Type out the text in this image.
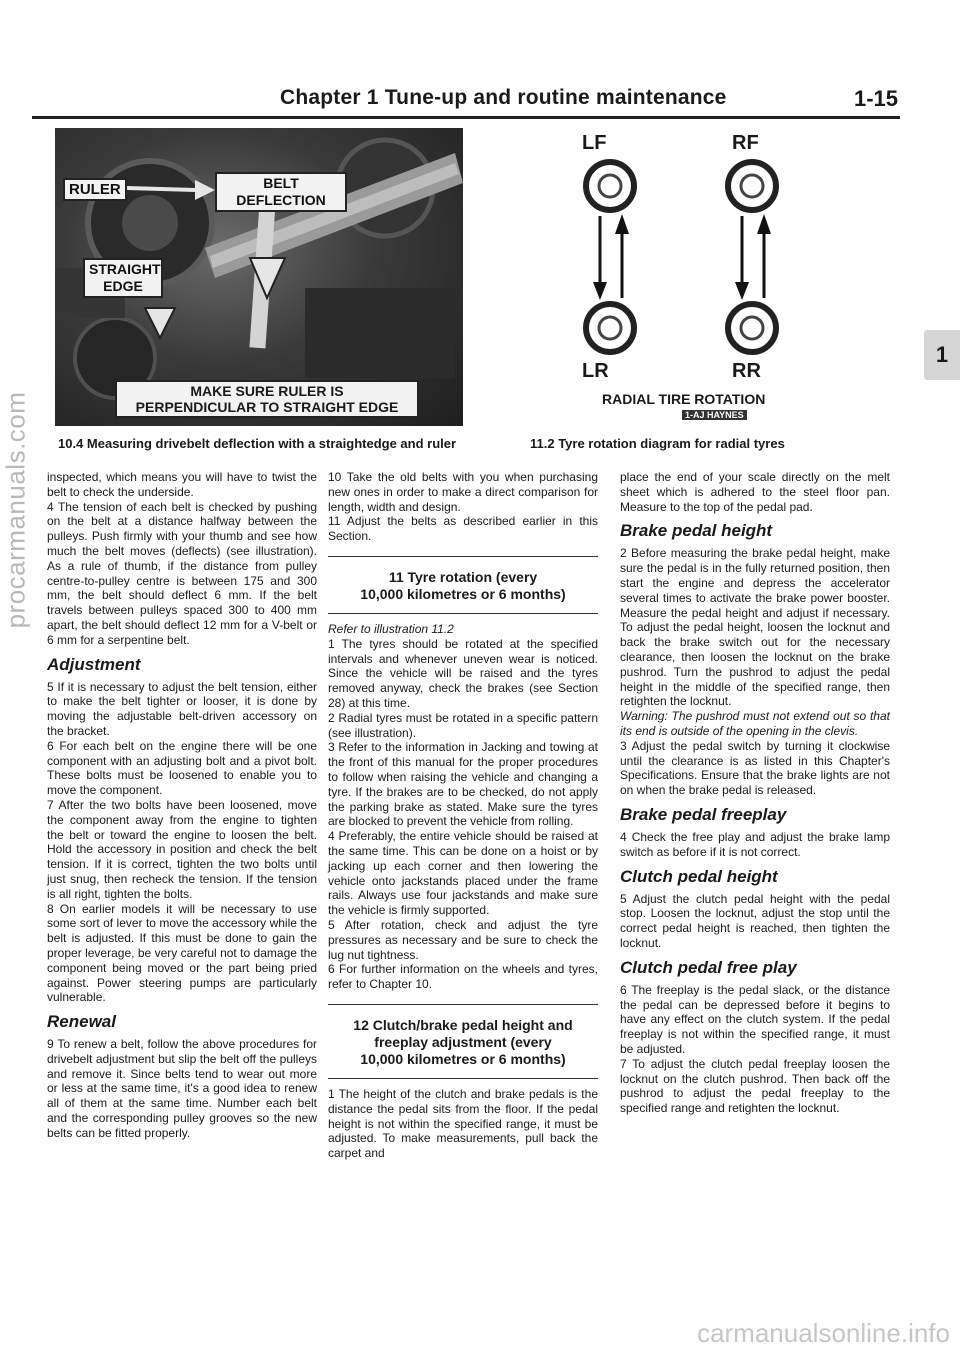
Chapter 1 Tune-up and routine maintenance	1-15
1
procarmanuals.com
carmanualsonline.info
RULER	BELT DEFLECTION
STRAIGHT EDGE
MAKE SURE RULER IS
PERPENDICULAR TO STRAIGHT EDGE
10.4 Measuring drivebelt deflection with a straightedge and ruler
LF	RF
LR	RR
RADIAL TIRE ROTATION
1-AJ HAYNES
11.2 Tyre rotation diagram for radial tyres

inspected, which means you will have to twist the belt to check the underside.

4 The tension of each belt is checked by pushing on the belt at a distance halfway between the pulleys. Push firmly with your thumb and see how much the belt moves (deflects) (see illustration). As a rule of thumb, if the distance from pulley centre-to-pulley centre is between 175 and 300 mm, the belt should deflect 6 mm. If the belt travels between pulleys spaced 300 to 400 mm apart, the belt should deflect 12 mm for a V-belt or 6 mm for a serpentine belt.

Adjustment

5 If it is necessary to adjust the belt tension, either to make the belt tighter or looser, it is done by moving the adjustable belt-driven accessory on the bracket.

6 For each belt on the engine there will be one component with an adjusting bolt and a pivot bolt. These bolts must be loosened to enable you to move the component.

7 After the two bolts have been loosened, move the component away from the engine to tighten the belt or toward the engine to loosen the belt. Hold the accessory in position and check the belt tension. If it is correct, tighten the two bolts until just snug, then recheck the tension. If the tension is all right, tighten the bolts.

8 On earlier models it will be necessary to use some sort of lever to move the accessory while the belt is adjusted. If this must be done to gain the proper leverage, be very careful not to damage the component being moved or the part being pried against. Power steering pumps are particularly vulnerable.

Renewal

9 To renew a belt, follow the above procedures for drivebelt adjustment but slip the belt off the pulleys and remove it. Since belts tend to wear out more or less at the same time, it's a good idea to renew all of them at the same time. Number each belt and the corresponding pulley grooves so the new belts can be fitted properly.

10 Take the old belts with you when purchasing new ones in order to make a direct comparison for length, width and design.

11 Adjust the belts as described earlier in this Section.

11 Tyre rotation (every
10,000 kilometres or 6 months)

Refer to illustration 11.2

1 The tyres should be rotated at the specified intervals and whenever uneven wear is noticed. Since the vehicle will be raised and the tyres removed anyway, check the brakes (see Section 28) at this time.

2 Radial tyres must be rotated in a specific pattern (see illustration).

3 Refer to the information in Jacking and towing at the front of this manual for the proper procedures to follow when raising the vehicle and changing a tyre. If the brakes are to be checked, do not apply the parking brake as stated. Make sure the tyres are blocked to prevent the vehicle from rolling.

4 Preferably, the entire vehicle should be raised at the same time. This can be done on a hoist or by jacking up each corner and then lowering the vehicle onto jackstands placed under the frame rails. Always use four jackstands and make sure the vehicle is firmly supported.

5 After rotation, check and adjust the tyre pressures as necessary and be sure to check the lug nut tightness.

6 For further information on the wheels and tyres, refer to Chapter 10.

12 Clutch/brake pedal height and
freeplay adjustment (every
10,000 kilometres or 6 months)

1 The height of the clutch and brake pedals is the distance the pedal sits from the floor. If the pedal height is not within the specified range, it must be adjusted. To make measurements, pull back the carpet and

place the end of your scale directly on the melt sheet which is adhered to the steel floor pan. Measure to the top of the pedal pad.

Brake pedal height

2 Before measuring the brake pedal height, make sure the pedal is in the fully returned position, then start the engine and depress the accelerator several times to activate the brake power booster. Measure the pedal height and adjust if necessary. To adjust the pedal height, loosen the locknut and back the brake switch out for the necessary clearance, then loosen the locknut on the brake pushrod. Turn the pushrod to adjust the pedal height in the middle of the specified range, then retighten the locknut.

Warning: The pushrod must not extend out so that its end is outside of the opening in the clevis.

3 Adjust the pedal switch by turning it clockwise until the clearance is as listed in this Chapter's Specifications. Ensure that the brake lights are not on when the brake pedal is released.

Brake pedal freeplay

4 Check the free play and adjust the brake lamp switch as before if it is not correct.

Clutch pedal height

5 Adjust the clutch pedal height with the pedal stop. Loosen the locknut, adjust the stop until the correct pedal height is reached, then tighten the locknut.

Clutch pedal free play

6 The freeplay is the pedal slack, or the distance the pedal can be depressed before it begins to have any effect on the clutch system. If the pedal freeplay is not within the specified range, it must be adjusted.

7 To adjust the clutch pedal freeplay loosen the locknut on the clutch pushrod. Then back off the pushrod to adjust the pedal freeplay to the specified range and retighten the locknut.
